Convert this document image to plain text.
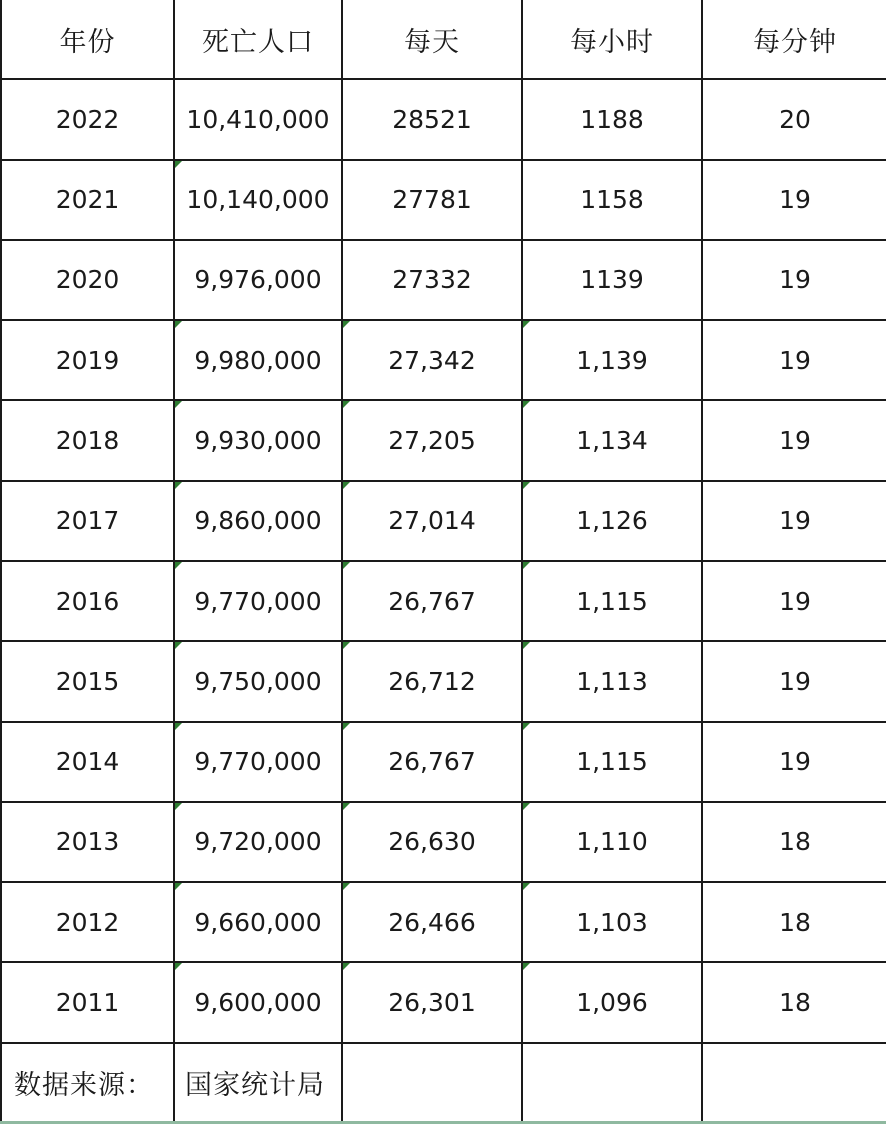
年份	死亡人口	每天	每小时	每分钟
2022	10,410,000	28521	1188	20
2021	10,140,000	27781	1158	19
2020	9,976,000	27332	1139	19
2019	9,980,000	27,342	1,139	19
2018	9,930,000	27,205	1,134	19
2017	9,860,000	27,014	1,126	19
2016	9,770,000	26,767	1,115	19
2015	9,750,000	26,712	1,113	19
2014	9,770,000	26,767	1,115	19
2013	9,720,000	26,630	1,110	18
2012	9,660,000	26,466	1,103	18
2011	9,600,000	26,301	1,096	18
数据来源：	国家统计局			
